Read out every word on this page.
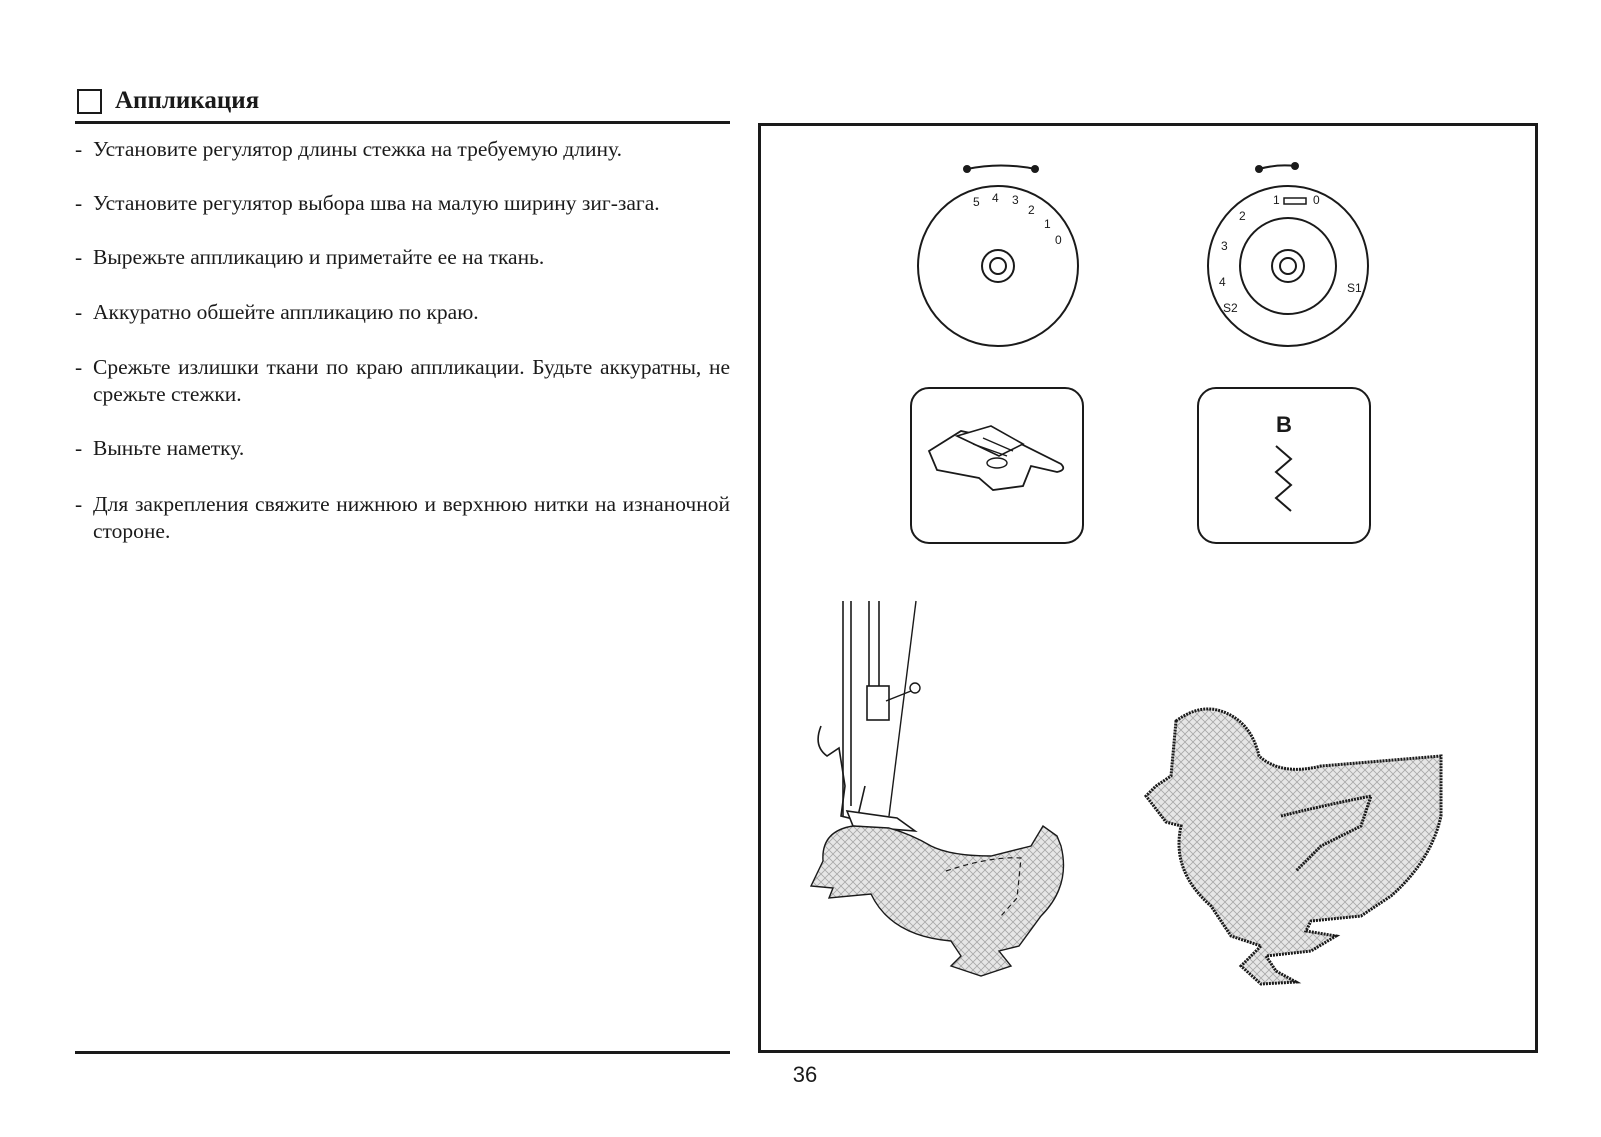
Аппликация
- Установите регулятор длины стежка на требуемую длину.
- Установите регулятор выбора шва на малую ширину зиг-зага.
- Вырежьте аппликацию и приметайте ее на ткань.
- Аккуратно обшейте аппликацию по краю.
- Срежьте излишки ткани по краю аппликации. Будьте аккуратны, не срежьте стежки.
- Выньте наметку.
- Для закрепления свяжите нижнюю и верхнюю нитки на изнаночной стороне.
5 4 3
2
1
0
1	0
2
3
4
S2
S1
B
36
